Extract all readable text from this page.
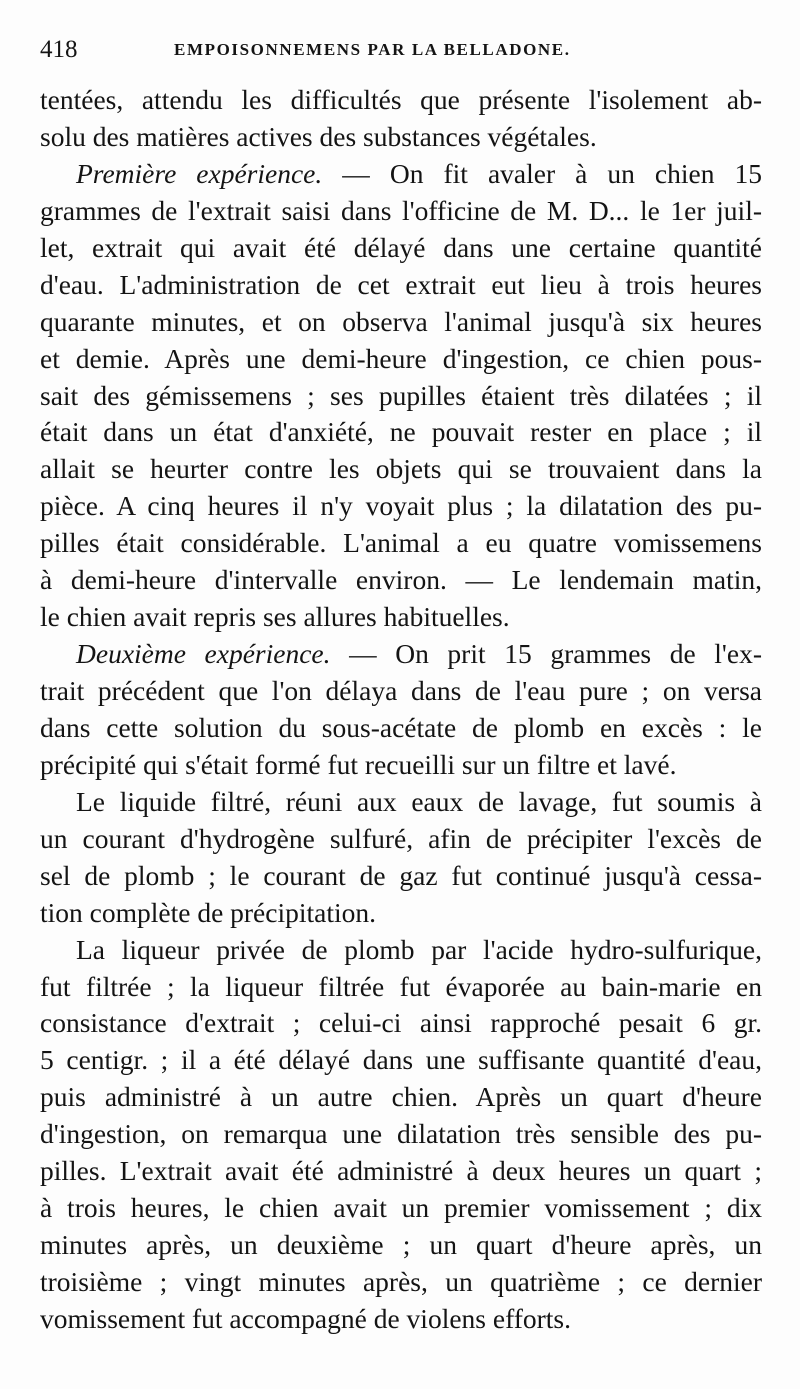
418	EMPOISONNEMENS PAR LA BELLADONE.
tentées, attendu les difficultés que présente l'isolement ab-
solu des matières actives des substances végétales.
Première expérience. — On fit avaler à un chien 15
grammes de l'extrait saisi dans l'officine de M. D... le 1er juil-
let, extrait qui avait été délayé dans une certaine quantité
d'eau. L'administration de cet extrait eut lieu à trois heures
quarante minutes, et on observa l'animal jusqu'à six heures
et demie. Après une demi-heure d'ingestion, ce chien pous-
sait des gémissemens ; ses pupilles étaient très dilatées ; il
était dans un état d'anxiété, ne pouvait rester en place ; il
allait se heurter contre les objets qui se trouvaient dans la
pièce. A cinq heures il n'y voyait plus ; la dilatation des pu-
pilles était considérable. L'animal a eu quatre vomissemens
à demi-heure d'intervalle environ. — Le lendemain matin,
le chien avait repris ses allures habituelles.
Deuxième expérience. — On prit 15 grammes de l'ex-
trait précédent que l'on délaya dans de l'eau pure ; on versa
dans cette solution du sous-acétate de plomb en excès : le
précipité qui s'était formé fut recueilli sur un filtre et lavé.
Le liquide filtré, réuni aux eaux de lavage, fut soumis à
un courant d'hydrogène sulfuré, afin de précipiter l'excès de
sel de plomb ; le courant de gaz fut continué jusqu'à cessa-
tion complète de précipitation.
La liqueur privée de plomb par l'acide hydro-sulfurique,
fut filtrée ; la liqueur filtrée fut évaporée au bain-marie en
consistance d'extrait ; celui-ci ainsi rapproché pesait 6 gr.
5 centigr. ; il a été délayé dans une suffisante quantité d'eau,
puis administré à un autre chien. Après un quart d'heure
d'ingestion, on remarqua une dilatation très sensible des pu-
pilles. L'extrait avait été administré à deux heures un quart ;
à trois heures, le chien avait un premier vomissement ; dix
minutes après, un deuxième ; un quart d'heure après, un
troisième ; vingt minutes après, un quatrième ; ce dernier
vomissement fut accompagné de violens efforts.
